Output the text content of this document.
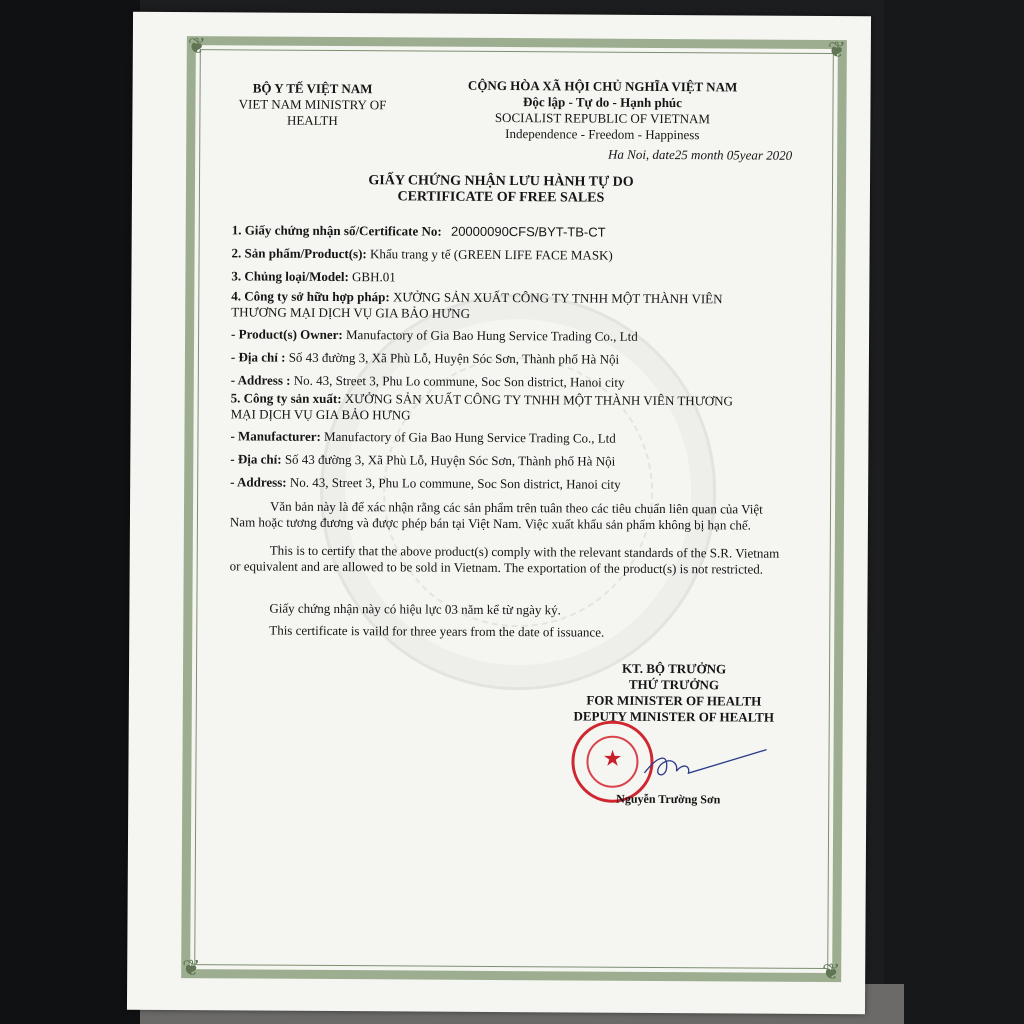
❦	❦
❦	❦
BỘ Y TẾ VIỆT NAM
VIET NAM MINISTRY OF
HEALTH
CỘNG HÒA XÃ HỘI CHỦ NGHĨA VIỆT NAM
Độc lập - Tự do - Hạnh phúc
SOCIALIST REPUBLIC OF VIETNAM
Independence - Freedom - Happiness
Ha Noi, date25 month 05year 2020
GIẤY CHỨNG NHẬN LƯU HÀNH TỰ DO
CERTIFICATE OF FREE SALES
1. Giấy chứng nhận số/Certificate No: 20000090CFS/BYT-TB-CT
2. Sản phẩm/Product(s): Khẩu trang y tế (GREEN LIFE FACE MASK)
3. Chủng loại/Model: GBH.01
4. Công ty sở hữu hợp pháp: XƯỞNG SẢN XUẤT CÔNG TY TNHH MỘT THÀNH VIÊN
THƯƠNG MẠI DỊCH VỤ GIA BẢO HƯNG
- Product(s) Owner: Manufactory of Gia Bao Hung Service Trading Co., Ltd
- Địa chỉ : Số 43 đường 3, Xã Phù Lỗ, Huyện Sóc Sơn, Thành phố Hà Nội
- Address : No. 43, Street 3, Phu Lo commune, Soc Son district, Hanoi city
5. Công ty sản xuất: XƯỞNG SẢN XUẤT CÔNG TY TNHH MỘT THÀNH VIÊN THƯƠNG
MẠI DỊCH VỤ GIA BẢO HƯNG
- Manufacturer: Manufactory of Gia Bao Hung Service Trading Co., Ltd
- Địa chỉ: Số 43 đường 3, Xã Phù Lỗ, Huyện Sóc Sơn, Thành phố Hà Nội
- Address: No. 43, Street 3, Phu Lo commune, Soc Son district, Hanoi city
Văn bản này là để xác nhận rằng các sản phẩm trên tuân theo các tiêu chuẩn liên quan của Việt Nam hoặc tương đương và được phép bán tại Việt Nam. Việc xuất khẩu sản phẩm không bị hạn chế.
This is to certify that the above product(s) comply with the relevant standards of the S.R. Vietnam or equivalent and are allowed to be sold in Vietnam. The exportation of the product(s) is not restricted.
Giấy chứng nhận này có hiệu lực 03 năm kể từ ngày ký.
This certificate is vaild for three years from the date of issuance.
KT. BỘ TRƯỞNG
THỨ TRƯỞNG
FOR MINISTER OF HEALTH
DEPUTY MINISTER OF HEALTH
★
Nguyễn Trường Sơn
